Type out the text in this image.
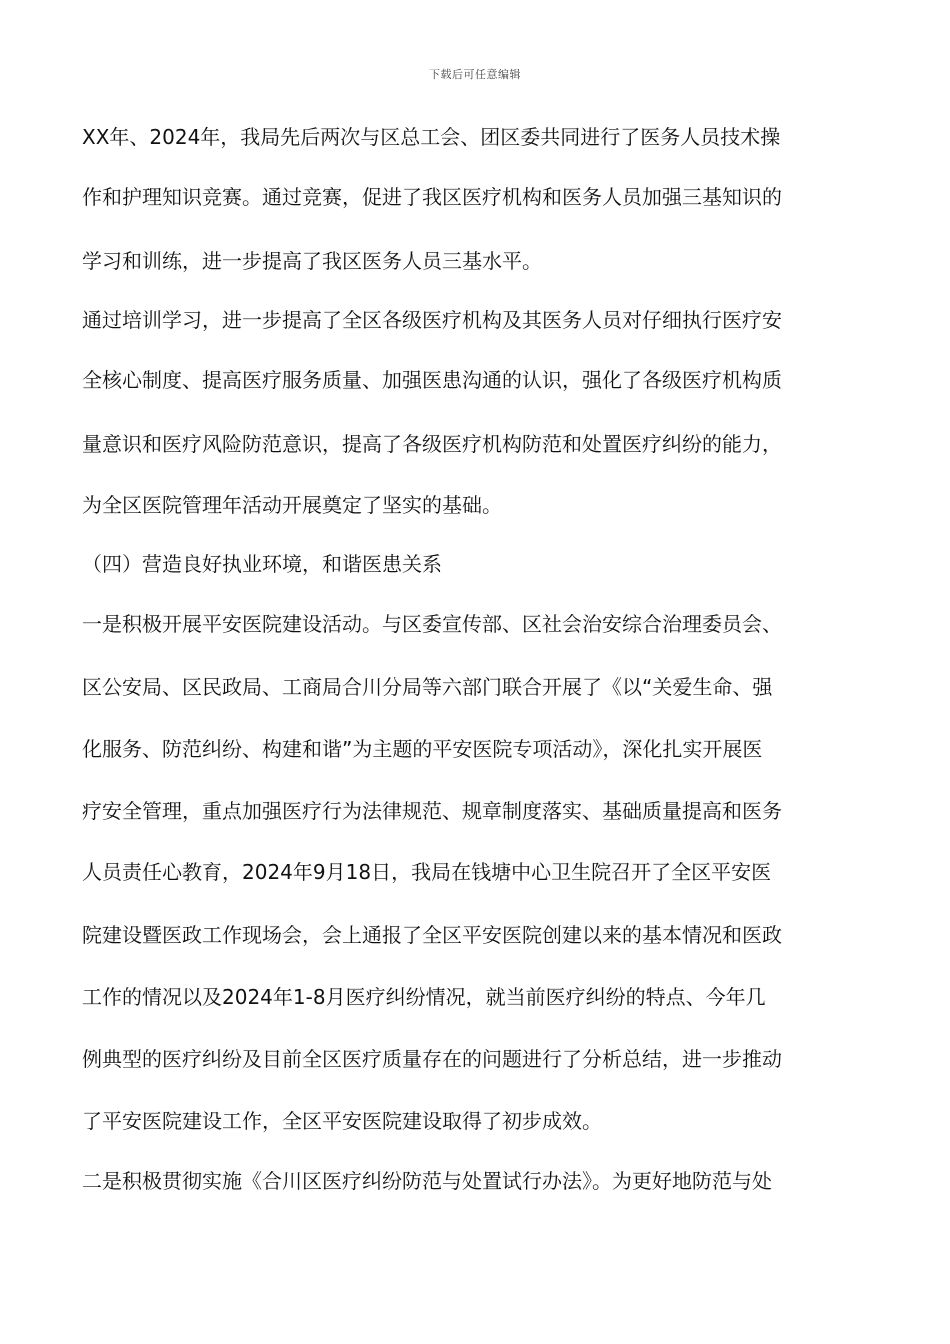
下载后可任意编辑
XX年、2024年，我局先后两次与区总工会、团区委共同进行了医务人员技术操
作和护理知识竞赛。通过竞赛，促进了我区医疗机构和医务人员加强三基知识的
学习和训练，进一步提高了我区医务人员三基水平。
通过培训学习，进一步提高了全区各级医疗机构及其医务人员对仔细执行医疗安
全核心制度、提高医疗服务质量、加强医患沟通的认识，强化了各级医疗机构质
量意识和医疗风险防范意识，提高了各级医疗机构防范和处置医疗纠纷的能力，
为全区医院管理年活动开展奠定了坚实的基础。
（四）营造良好执业环境，和谐医患关系
一是积极开展平安医院建设活动。与区委宣传部、区社会治安综合治理委员会、
区公安局、区民政局、工商局合川分局等六部门联合开展了《以“关爱生命、强
化服务、防范纠纷、构建和谐”为主题的平安医院专项活动》，深化扎实开展医
疗安全管理，重点加强医疗行为法律规范、规章制度落实、基础质量提高和医务
人员责任心教育，2024年9月18日，我局在钱塘中心卫生院召开了全区平安医
院建设暨医政工作现场会，会上通报了全区平安医院创建以来的基本情况和医政
工作的情况以及2024年1-8月医疗纠纷情况，就当前医疗纠纷的特点、今年几
例典型的医疗纠纷及目前全区医疗质量存在的问题进行了分析总结，进一步推动
了平安医院建设工作，全区平安医院建设取得了初步成效。
二是积极贯彻实施《合川区医疗纠纷防范与处置试行办法》。为更好地防范与处
